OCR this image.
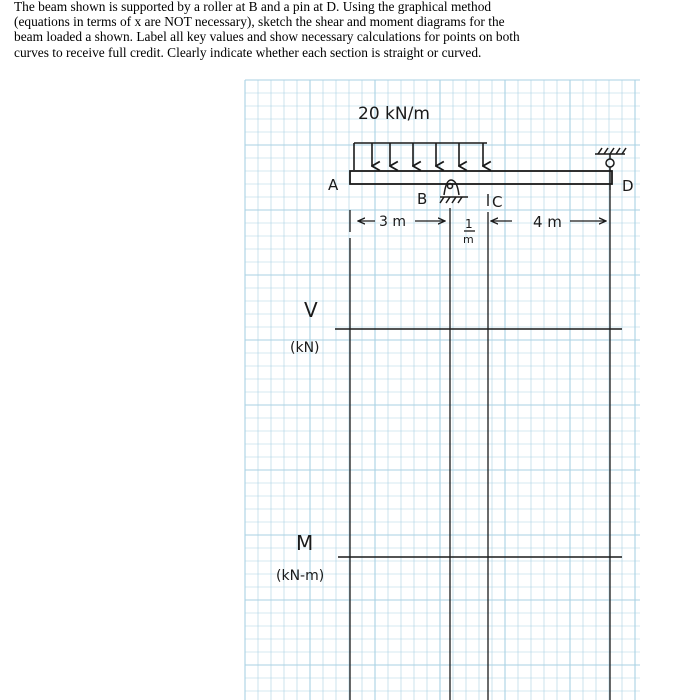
The beam shown is supported by a roller at B and a pin at D. Using the graphical method
(equations in terms of x are NOT necessary), sketch the shear and moment diagrams for the
beam loaded a shown. Label all key values and show necessary calculations for points on both
curves to receive full credit. Clearly indicate whether each section is straight or curved.
20 kN/m
A
B	C
D
3 m	1
m
4 m
V
(kN)
M
(kN-m)
